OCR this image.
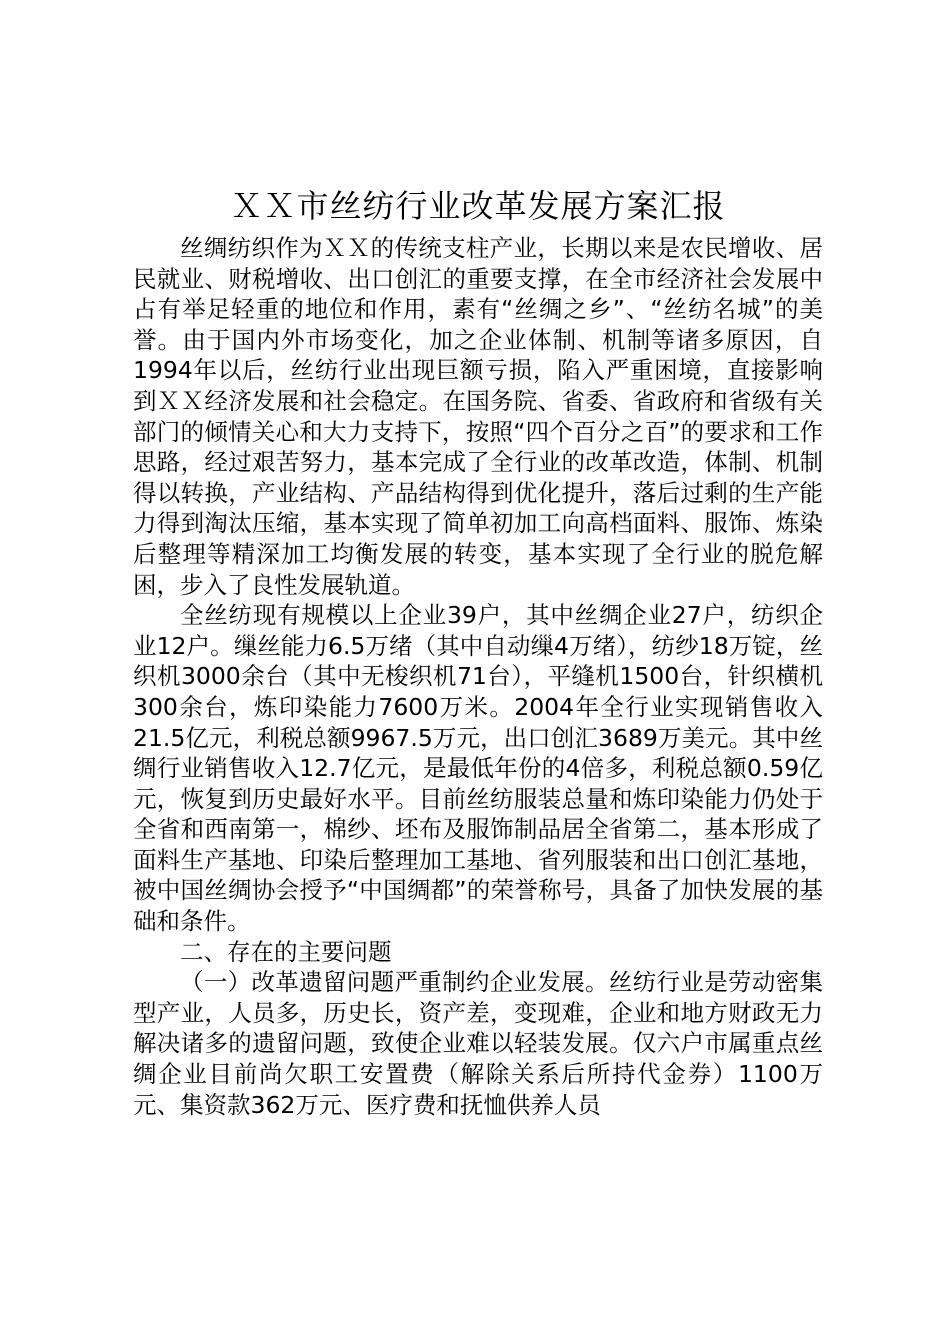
ＸＸ市丝纺行业改革发展方案汇报

丝绸纺织作为ＸＸ的传统支柱产业，长期以来是农民增收、居民就业、财税增收、出口创汇的重要支撑，在全市经济社会发展中占有举足轻重的地位和作用，素有“丝绸之乡”、“丝纺名城”的美誉。由于国内外市场变化，加之企业体制、机制等诸多原因，自1994年以后，丝纺行业出现巨额亏损，陷入严重困境，直接影响到ＸＸ经济发展和社会稳定。在国务院、省委、省政府和省级有关部门的倾情关心和大力支持下，按照“四个百分之百”的要求和工作思路，经过艰苦努力，基本完成了全行业的改革改造，体制、机制得以转换，产业结构、产品结构得到优化提升，落后过剩的生产能力得到淘汰压缩，基本实现了简单初加工向高档面料、服饰、炼染后整理等精深加工均衡发展的转变，基本实现了全行业的脱危解困，步入了良性发展轨道。

全丝纺现有规模以上企业39户，其中丝绸企业27户，纺织企业12户。缫丝能力6.5万绪（其中自动缫4万绪），纺纱18万锭，丝织机3000余台（其中无梭织机71台），平缝机1500台，针织横机300余台，炼印染能力7600万米。2004年全行业实现销售收入21.5亿元，利税总额9967.5万元，出口创汇3689万美元。其中丝绸行业销售收入12.7亿元，是最低年份的4倍多，利税总额0.59亿元，恢复到历史最好水平。目前丝纺服装总量和炼印染能力仍处于全省和西南第一，棉纱、坯布及服饰制品居全省第二，基本形成了面料生产基地、印染后整理加工基地、省列服装和出口创汇基地，被中国丝绸协会授予“中国绸都”的荣誉称号，具备了加快发展的基础和条件。

二、存在的主要问题

（一）改革遗留问题严重制约企业发展。丝纺行业是劳动密集型产业，人员多，历史长，资产差，变现难，企业和地方财政无力解决诸多的遗留问题，致使企业难以轻装发展。仅六户市属重点丝绸企业目前尚欠职工安置费（解除关系后所持代金券）1100万元、集资款362万元、医疗费和抚恤供养人员
